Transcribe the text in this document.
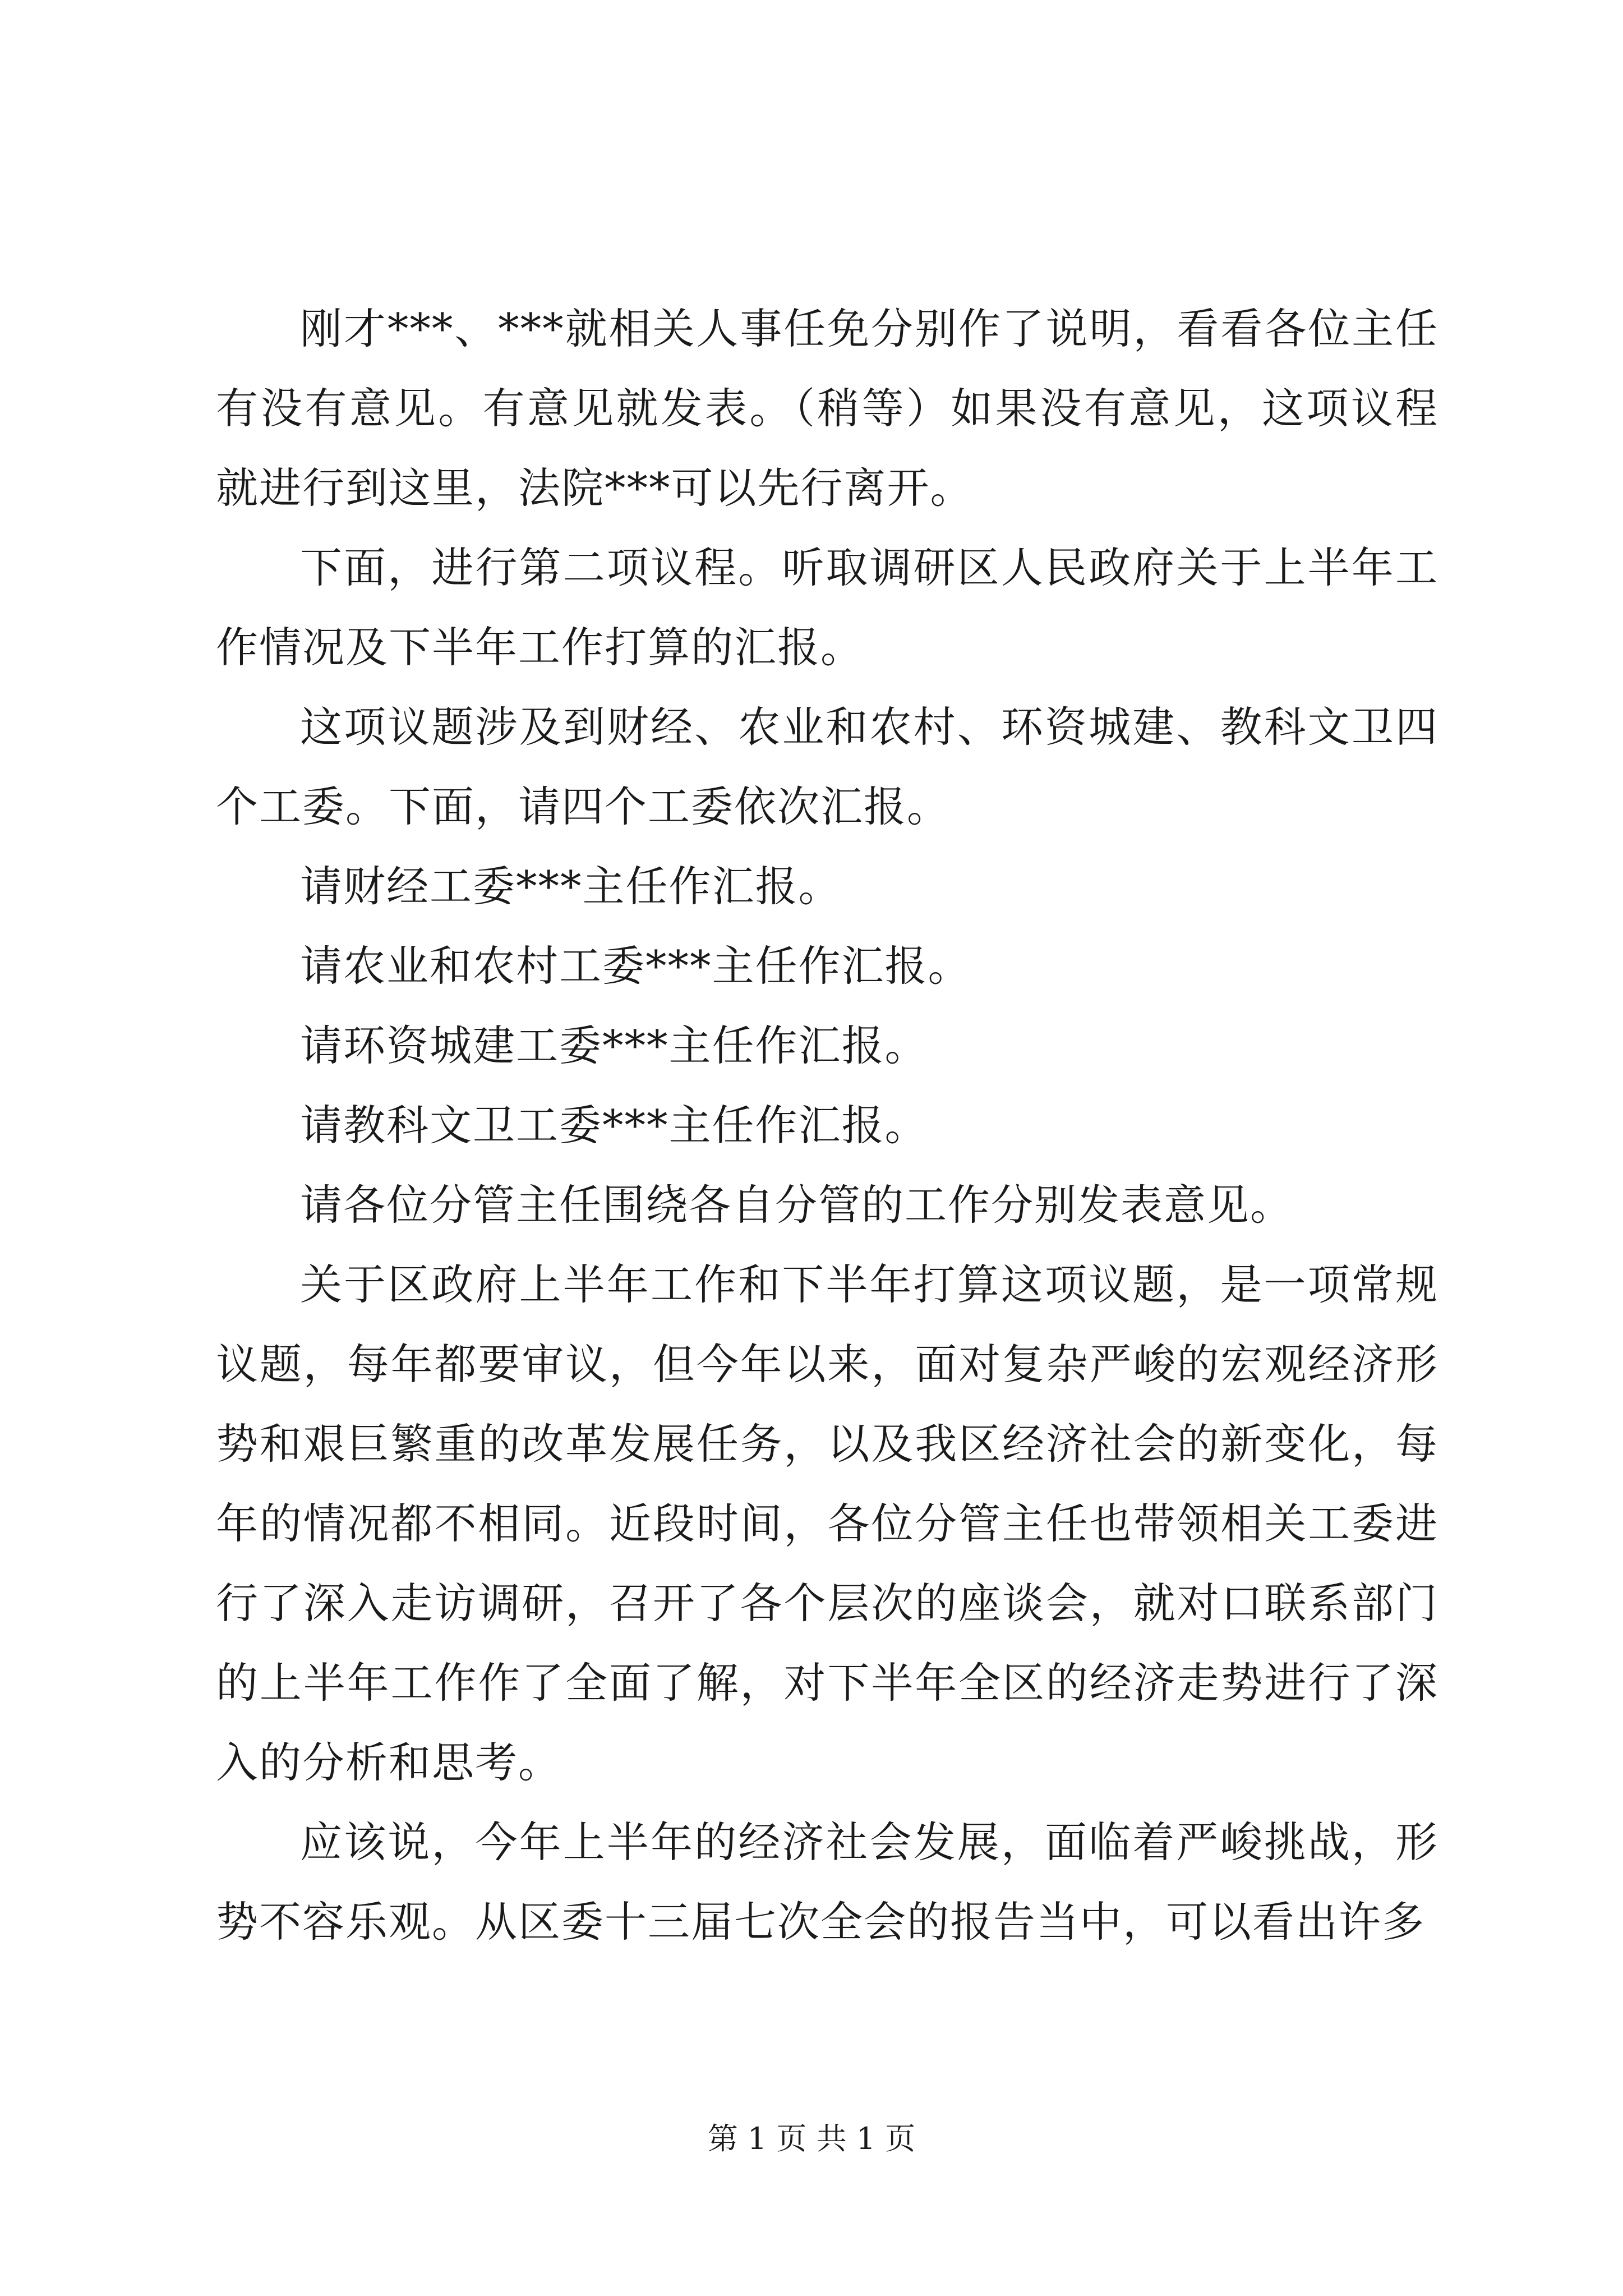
刚才***、***就相关人事任免分别作了说明，看看各位主任有没有意见。有意见就发表。（稍等）如果没有意见，这项议程就进行到这里，法院***可以先行离开。

下面，进行第二项议程。听取调研区人民政府关于上半年工作情况及下半年工作打算的汇报。

这项议题涉及到财经、农业和农村、环资城建、教科文卫四个工委。下面，请四个工委依次汇报。

请财经工委***主任作汇报。

请农业和农村工委***主任作汇报。

请环资城建工委***主任作汇报。

请教科文卫工委***主任作汇报。

请各位分管主任围绕各自分管的工作分别发表意见。

关于区政府上半年工作和下半年打算这项议题，是一项常规议题，每年都要审议，但今年以来，面对复杂严峻的宏观经济形势和艰巨繁重的改革发展任务，以及我区经济社会的新变化，每年的情况都不相同。近段时间，各位分管主任也带领相关工委进行了深入走访调研，召开了各个层次的座谈会，就对口联系部门的上半年工作作了全面了解，对下半年全区的经济走势进行了深入的分析和思考。

应该说，今年上半年的经济社会发展，面临着严峻挑战，形势不容乐观。从区委十三届七次全会的报告当中，可以看出许多

第 1 页 共 1 页
